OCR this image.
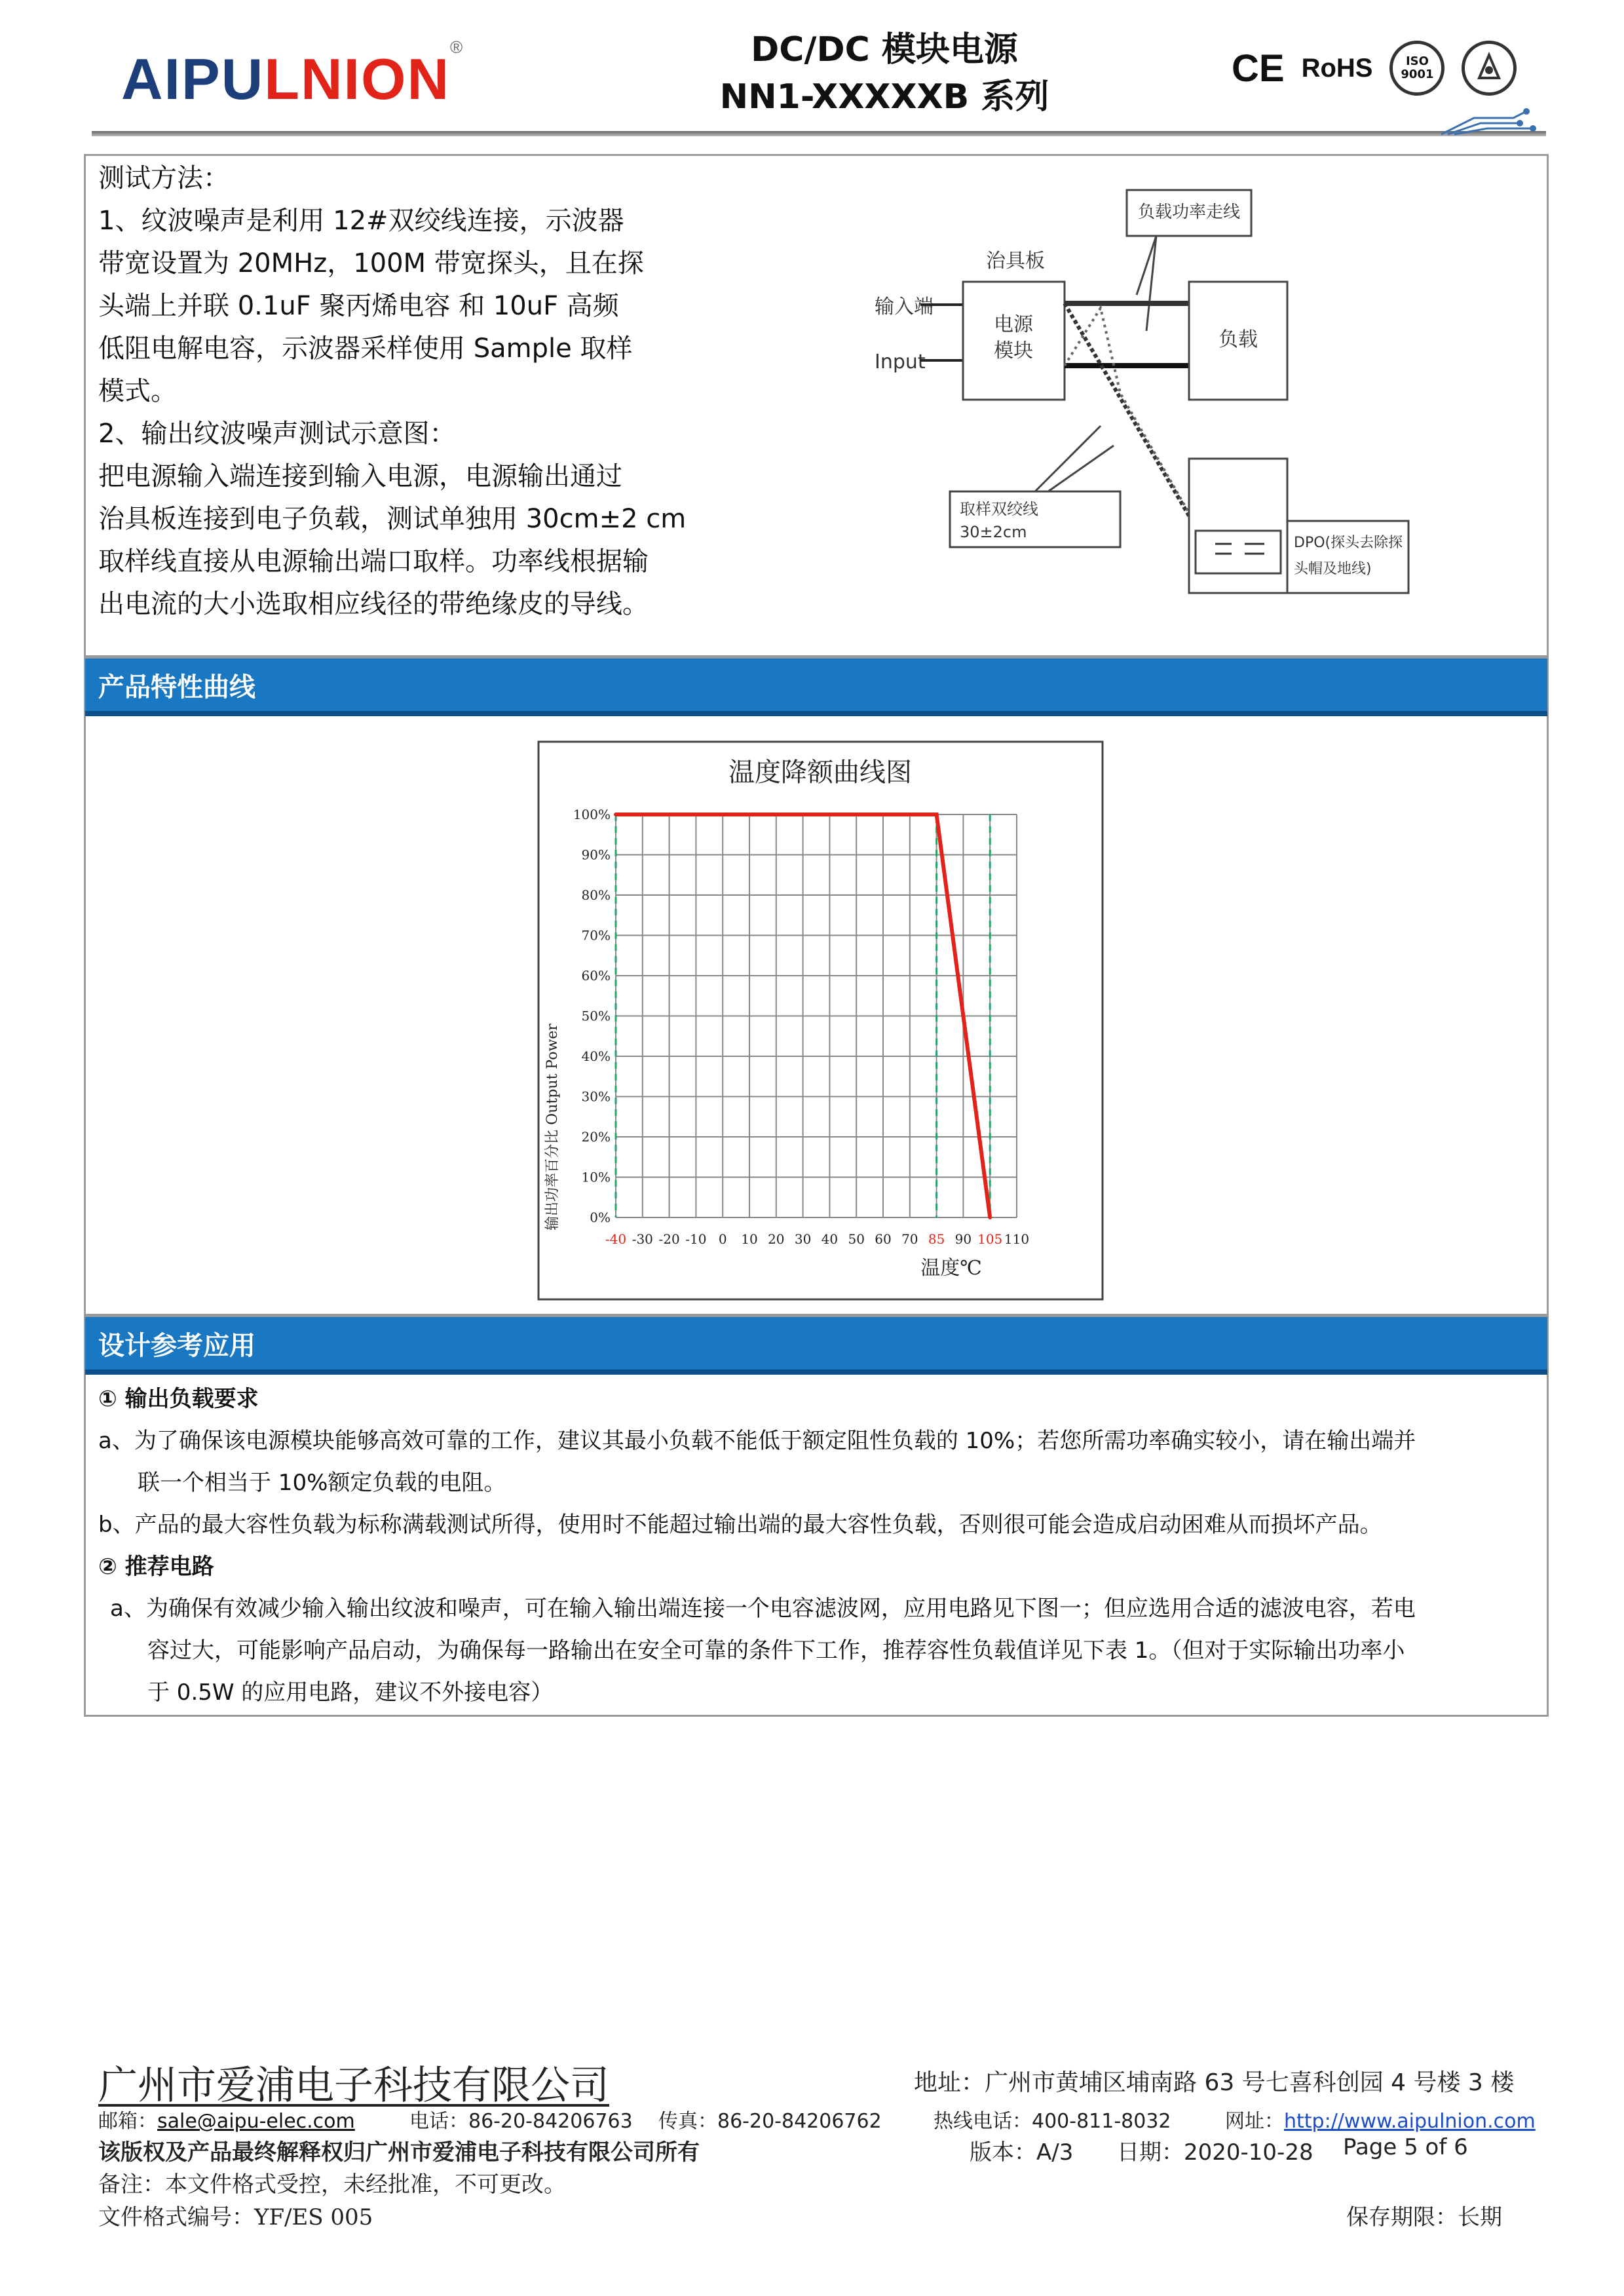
AIPULNION®	DC/DC 模块电源
NN1-XXXXXB 系列
CE RoHS	ISO 9001
测试方法：
1、纹波噪声是利用 12#双绞线连接，示波器
带宽设置为 20MHz，100M 带宽探头，且在探
头端上并联 0.1uF 聚丙烯电容 和 10uF 高频
低阻电解电容，示波器采样使用 Sample 取样
模式。
2、输出纹波噪声测试示意图：
把电源输入端连接到输入电源，电源输出通过
治具板连接到电子负载，测试单独用 30cm±2 cm
取样线直接从电源输出端口取样。功率线根据输
出电流的大小选取相应线径的带绝缘皮的导线。
负载功率走线
治具板
输入端
Input
电源
模块	负载
取样双绞线
30±2cm
DPO(探头去除探
头帽及地线)
产品特性曲线
温度降额曲线图
输出功率百分比 Output Power
温度℃
0%
10%
20%
30%
40%
50%
60%
70%
80%
90%
100%
-40 -30 -20 -10 0 10 20 30 40 50 60 70 85 90 105 110
设计参考应用
① 输出负载要求
a、为了确保该电源模块能够高效可靠的工作，建议其最小负载不能低于额定阻性负载的 10%；若您所需功率确实较小，请在输出端并
联一个相当于 10%额定负载的电阻。
b、产品的最大容性负载为标称满载测试所得，使用时不能超过输出端的最大容性负载，否则很可能会造成启动困难从而损坏产品。
② 推荐电路
a、为确保有效减少输入输出纹波和噪声，可在输入输出端连接一个电容滤波网，应用电路见下图一；但应选用合适的滤波电容，若电
容过大，可能影响产品启动，为确保每一路输出在安全可靠的条件下工作，推荐容性负载值详见下表 1。（但对于实际输出功率小
于 0.5W 的应用电路，建议不外接电容）
广州市爱浦电子科技有限公司	地址：广州市黄埔区埔南路 63 号七喜科创园 4 号楼 3 楼
邮箱：sale@aipu-elec.com	电话：86-20-84206763 传真：86-20-84206762	热线电话：400-811-8032	网址：http://www.aipulnion.com
该版权及产品最终解释权归广州市爱浦电子科技有限公司所有	版本：A/3 日期：2020-10-28 Page 5 of 6
备注：本文件格式受控，未经批准，不可更改。
文件格式编号：YF/ES 005	保存期限：长期
